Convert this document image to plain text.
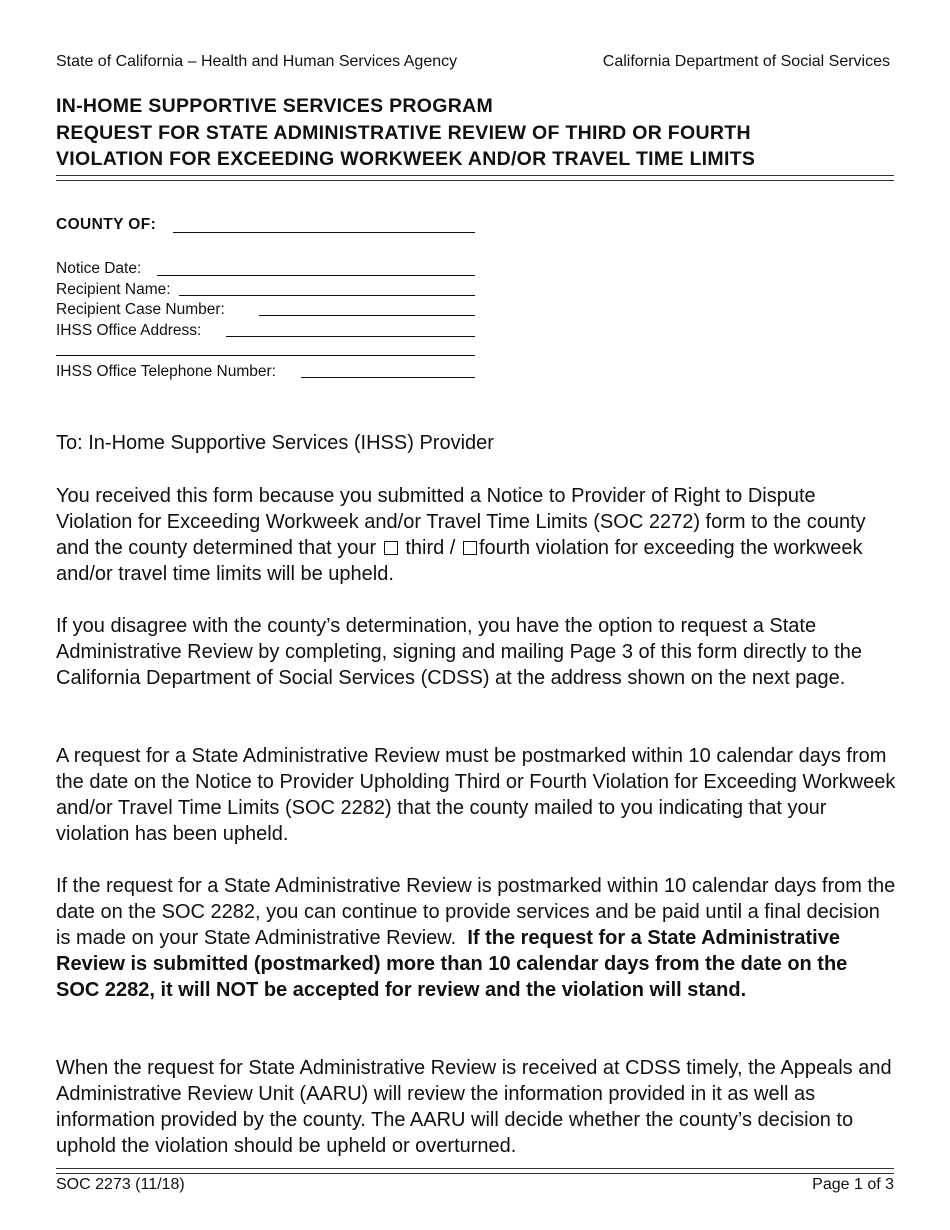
State of California – Health and Human Services Agency	California Department of Social Services
IN-HOME SUPPORTIVE SERVICES PROGRAM
REQUEST FOR STATE ADMINISTRATIVE REVIEW OF THIRD OR FOURTH
VIOLATION FOR EXCEEDING WORKWEEK AND/OR TRAVEL TIME LIMITS
COUNTY OF:
Notice Date:
Recipient Name:
Recipient Case Number:
IHSS Office Address:
IHSS Office Telephone Number:
To: In-Home Supportive Services (IHSS) Provider

You received this form because you submitted a Notice to Provider of Right to Dispute Violation for Exceeding Workweek and/or Travel Time Limits (SOC 2272) form to the county and the county determined that your third / fourth violation for exceeding the workweek and/or travel time limits will be upheld.

If you disagree with the county’s determination, you have the option to request a State Administrative Review by completing, signing and mailing Page 3 of this form directly to the California Department of Social Services (CDSS) at the address shown on the next page.

A request for a State Administrative Review must be postmarked within 10 calendar days from the date on the Notice to Provider Upholding Third or Fourth Violation for Exceeding Workweek and/or Travel Time Limits (SOC 2282) that the county mailed to you indicating that your violation has been upheld.

If the request for a State Administrative Review is postmarked within 10 calendar days from the date on the SOC 2282, you can continue to provide services and be paid until a final decision is made on your State Administrative Review. If the request for a State Administrative Review is submitted (postmarked) more than 10 calendar days from the date on the SOC 2282, it will NOT be accepted for review and the violation will stand.

When the request for State Administrative Review is received at CDSS timely, the Appeals and Administrative Review Unit (AARU) will review the information provided in it as well as information provided by the county. The AARU will decide whether the county’s decision to uphold the violation should be upheld or overturned.

SOC 2273 (11/18)	Page 1 of 3
